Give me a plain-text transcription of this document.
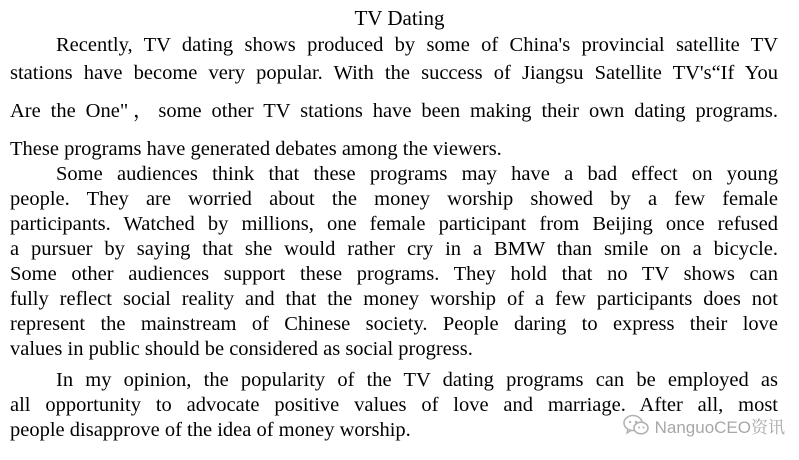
TV Dating
Recently, TV dating shows produced by some of China's provincial satellite TV
stations have become very popular. With the success of Jiangsu Satellite TV's“If You
Are the One"，some other TV stations have been making their own dating programs.
These programs have generated debates among the viewers.
Some audiences think that these programs may have a bad effect on young
people. They are worried about the money worship showed by a few female
participants. Watched by millions, one female participant from Beijing once refused
a pursuer by saying that she would rather cry in a BMW than smile on a bicycle.
Some other audiences support these programs. They hold that no TV shows can
fully reflect social reality and that the money worship of a few participants does not
represent the mainstream of Chinese society. People daring to express their love
values in public should be considered as social progress.
In my opinion, the popularity of the TV dating programs can be employed as
all opportunity to advocate positive values of love and marriage. After all, most
people disapprove of the idea of money worship.	NanguoCEO资讯
